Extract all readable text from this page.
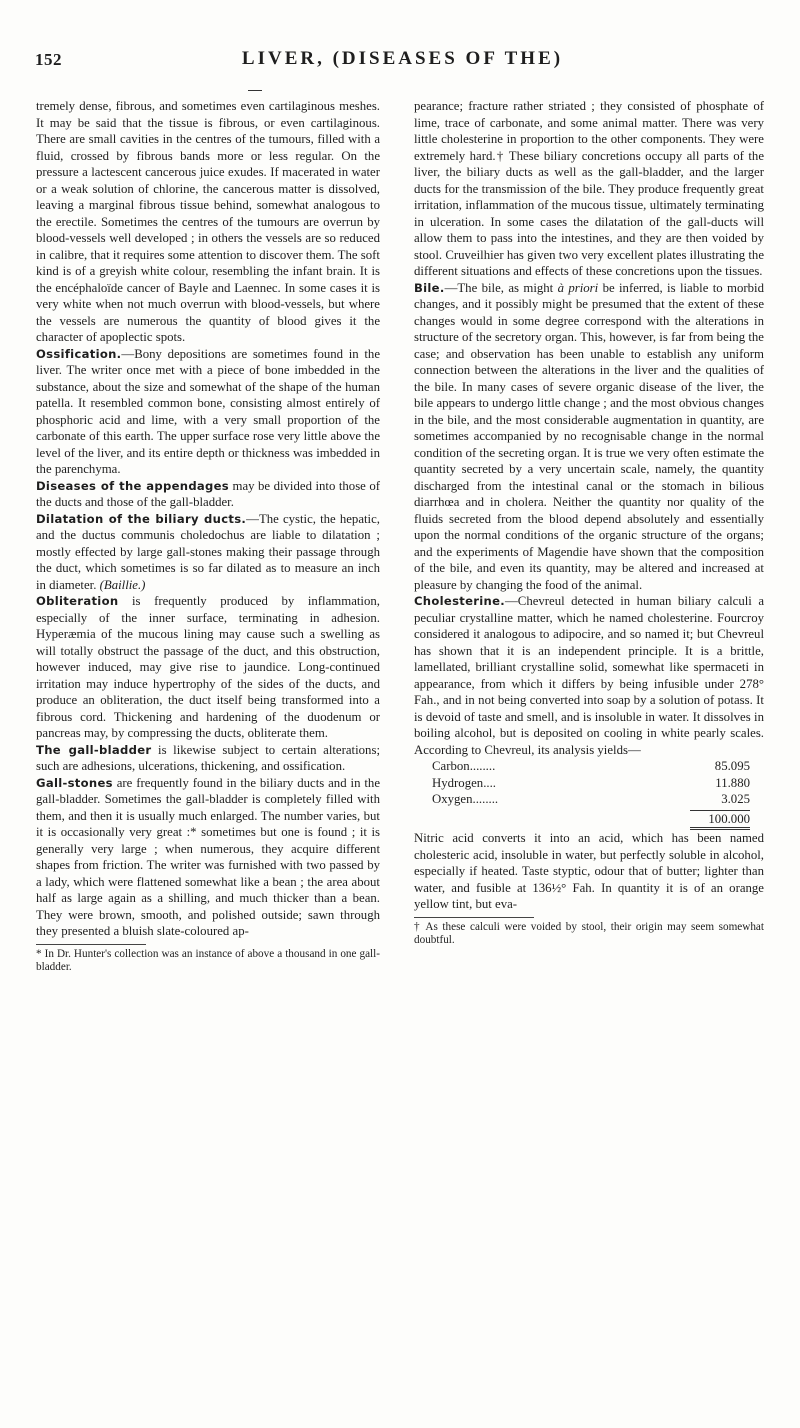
152	LIVER, (DISEASES OF THE)

tremely dense, fibrous, and sometimes even cartilaginous meshes. It may be said that the tissue is fibrous, or even cartilaginous. There are small cavities in the centres of the tumours, filled with a fluid, crossed by fibrous bands more or less regular. On the pressure a lactescent cancerous juice exudes. If macerated in water or a weak solution of chlorine, the cancerous matter is dissolved, leaving a marginal fibrous tissue behind, somewhat analogous to the erectile. Sometimes the centres of the tumours are overrun by blood-vessels well developed ; in others the vessels are so reduced in calibre, that it requires some attention to discover them. The soft kind is of a greyish white colour, resembling the infant brain. It is the encéphaloïde cancer of Bayle and Laennec. In some cases it is very white when not much overrun with blood-vessels, but where the vessels are numerous the quantity of blood gives it the character of apoplectic spots.

Ossification.—Bony depositions are sometimes found in the liver. The writer once met with a piece of bone imbedded in the substance, about the size and somewhat of the shape of the human patella. It resembled common bone, consisting almost entirely of phosphoric acid and lime, with a very small proportion of the carbonate of this earth. The upper surface rose very little above the level of the liver, and its entire depth or thickness was imbedded in the parenchyma.

Diseases of the appendages may be divided into those of the ducts and those of the gall-bladder.

Dilatation of the biliary ducts.—The cystic, the hepatic, and the ductus communis choledochus are liable to dilatation ; mostly effected by large gall-stones making their passage through the duct, which sometimes is so far dilated as to measure an inch in diameter. (Baillie.)

Obliteration is frequently produced by inflammation, especially of the inner surface, terminating in adhesion. Hyperæmia of the mucous lining may cause such a swelling as will totally obstruct the passage of the duct, and this obstruction, however induced, may give rise to jaundice. Long-continued irritation may induce hypertrophy of the sides of the ducts, and produce an obliteration, the duct itself being transformed into a fibrous cord. Thickening and hardening of the duodenum or pancreas may, by compressing the ducts, obliterate them.

The gall-bladder is likewise subject to certain alterations; such are adhesions, ulcerations, thickening, and ossification.

Gall-stones are frequently found in the biliary ducts and in the gall-bladder. Sometimes the gall-bladder is completely filled with them, and then it is usually much enlarged. The number varies, but it is occasionally very great :* sometimes but one is found ; it is generally very large ; when numerous, they acquire different shapes from friction. The writer was furnished with two passed by a lady, which were flattened somewhat like a bean ; the area about half as large again as a shilling, and much thicker than a bean. They were brown, smooth, and polished outside; sawn through they presented a bluish slate-coloured ap-

* In Dr. Hunter's collection was an instance of above a thousand in one gall-bladder.

pearance; fracture rather striated ; they consisted of phosphate of lime, trace of carbonate, and some animal matter. There was very little cholesterine in proportion to the other components. They were extremely hard.† These biliary concretions occupy all parts of the liver, the biliary ducts as well as the gall-bladder, and the larger ducts for the transmission of the bile. They produce frequently great irritation, inflammation of the mucous tissue, ultimately terminating in ulceration. In some cases the dilatation of the gall-ducts will allow them to pass into the intestines, and they are then voided by stool. Cruveilhier has given two very excellent plates illustrating the different situations and effects of these concretions upon the tissues.

Bile.—The bile, as might à priori be inferred, is liable to morbid changes, and it possibly might be presumed that the extent of these changes would in some degree correspond with the alterations in structure of the secretory organ. This, however, is far from being the case; and observation has been unable to establish any uniform connection between the alterations in the liver and the qualities of the bile. In many cases of severe organic disease of the liver, the bile appears to undergo little change ; and the most obvious changes in the bile, and the most considerable augmentation in quantity, are sometimes accompanied by no recognisable change in the normal condition of the secreting organ. It is true we very often estimate the quantity secreted by a very uncertain scale, namely, the quantity discharged from the intestinal canal or the stomach in bilious diarrhœa and in cholera. Neither the quantity nor quality of the fluids secreted from the blood depend absolutely and essentially upon the normal conditions of the organic structure of the organs; and the experiments of Magendie have shown that the composition of the bile, and even its quantity, may be altered and increased at pleasure by changing the food of the animal.

Cholesterine.—Chevreul detected in human biliary calculi a peculiar crystalline matter, which he named cholesterine. Fourcroy considered it analogous to adipocire, and so named it; but Chevreul has shown that it is an independent principle. It is a brittle, lamellated, brilliant crystalline solid, somewhat like spermaceti in appearance, from which it differs by being infusible under 278° Fah., and in not being converted into soap by a solution of potass. It is devoid of taste and smell, and is insoluble in water. It dissolves in boiling alcohol, but is deposited on cooling in white pearly scales. According to Chevreul, its analysis yields—

Carbon........	85.095
Hydrogen....	11.880
Oxygen........	3.025
100.000

Nitric acid converts it into an acid, which has been named cholesteric acid, insoluble in water, but perfectly soluble in alcohol, especially if heated. Taste styptic, odour that of butter; lighter than water, and fusible at 136½° Fah. In quantity it is of an orange yellow tint, but eva-

† As these calculi were voided by stool, their origin may seem somewhat doubtful.
